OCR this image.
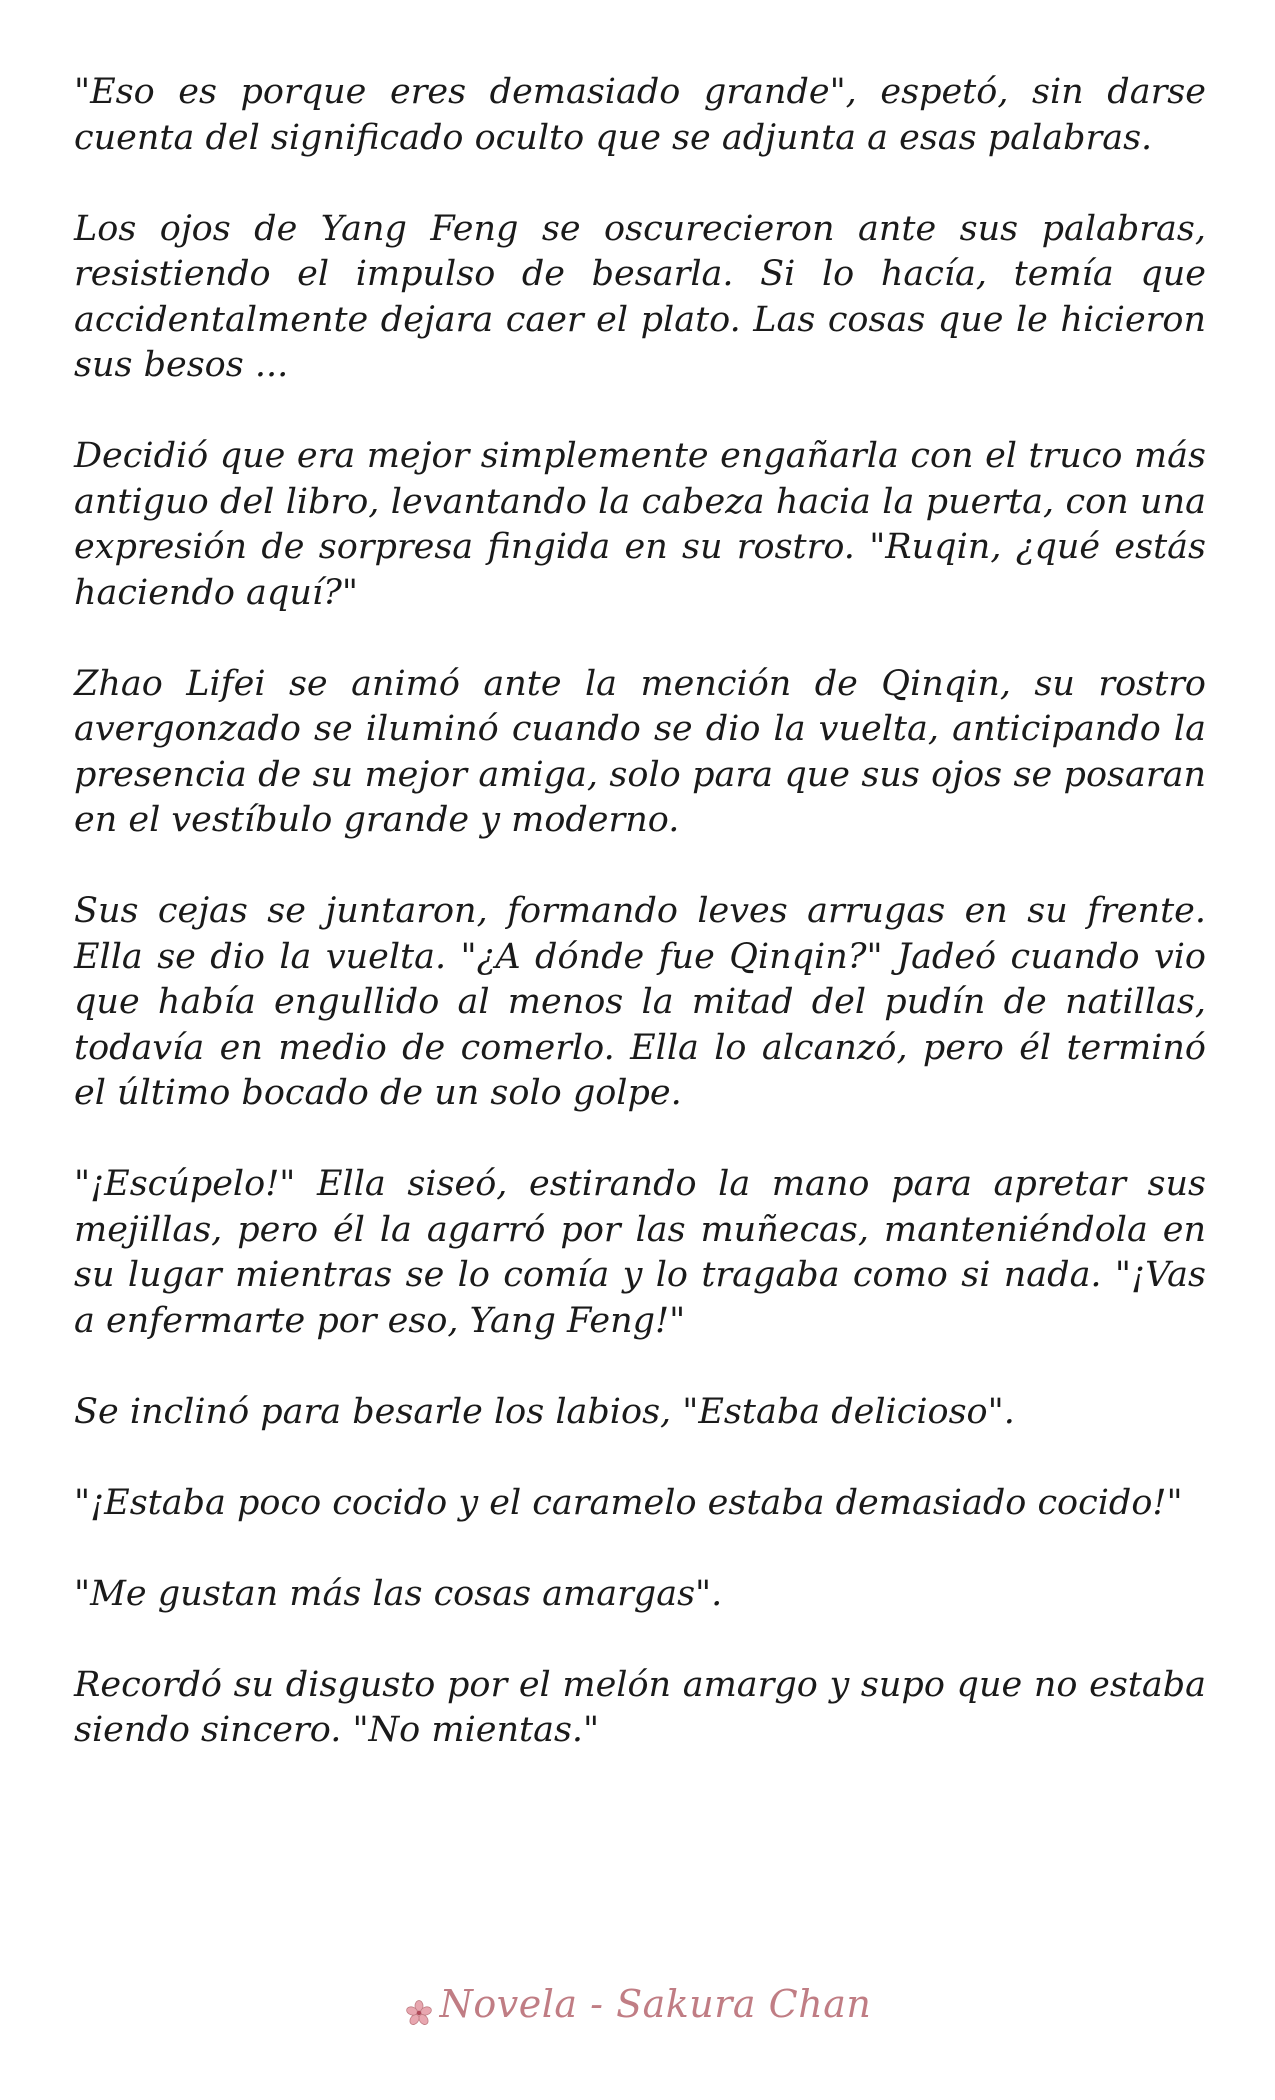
"Eso es porque eres demasiado grande", espetó, sin darse cuenta del significado oculto que se adjunta a esas palabras.

Los ojos de Yang Feng se oscurecieron ante sus palabras, resistiendo el impulso de besarla. Si lo hacía, temía que accidentalmente dejara caer el plato. Las cosas que le hicieron sus besos ...

Decidió que era mejor simplemente engañarla con el truco más antiguo del libro, levantando la cabeza hacia la puerta, con una expresión de sorpresa fingida en su rostro. "Ruqin, ¿qué estás haciendo aquí?"

Zhao Lifei se animó ante la mención de Qinqin, su rostro avergonzado se iluminó cuando se dio la vuelta, anticipando la presencia de su mejor amiga, solo para que sus ojos se posaran en el vestíbulo grande y moderno.

Sus cejas se juntaron, formando leves arrugas en su frente. Ella se dio la vuelta. "¿A dónde fue Qinqin?" Jadeó cuando vio que había engullido al menos la mitad del pudín de natillas, todavía en medio de comerlo. Ella lo alcanzó, pero él terminó el último bocado de un solo golpe.

"¡Escúpelo!" Ella siseó, estirando la mano para apretar sus mejillas, pero él la agarró por las muñecas, manteniéndola en su lugar mientras se lo comía y lo tragaba como si nada. "¡Vas a enfermarte por eso, Yang Feng!"

Se inclinó para besarle los labios, "Estaba delicioso".

"¡Estaba poco cocido y el caramelo estaba demasiado cocido!"

"Me gustan más las cosas amargas".

Recordó su disgusto por el melón amargo y supo que no estaba siendo sincero. "No mientas."

Novela - Sakura Chan
